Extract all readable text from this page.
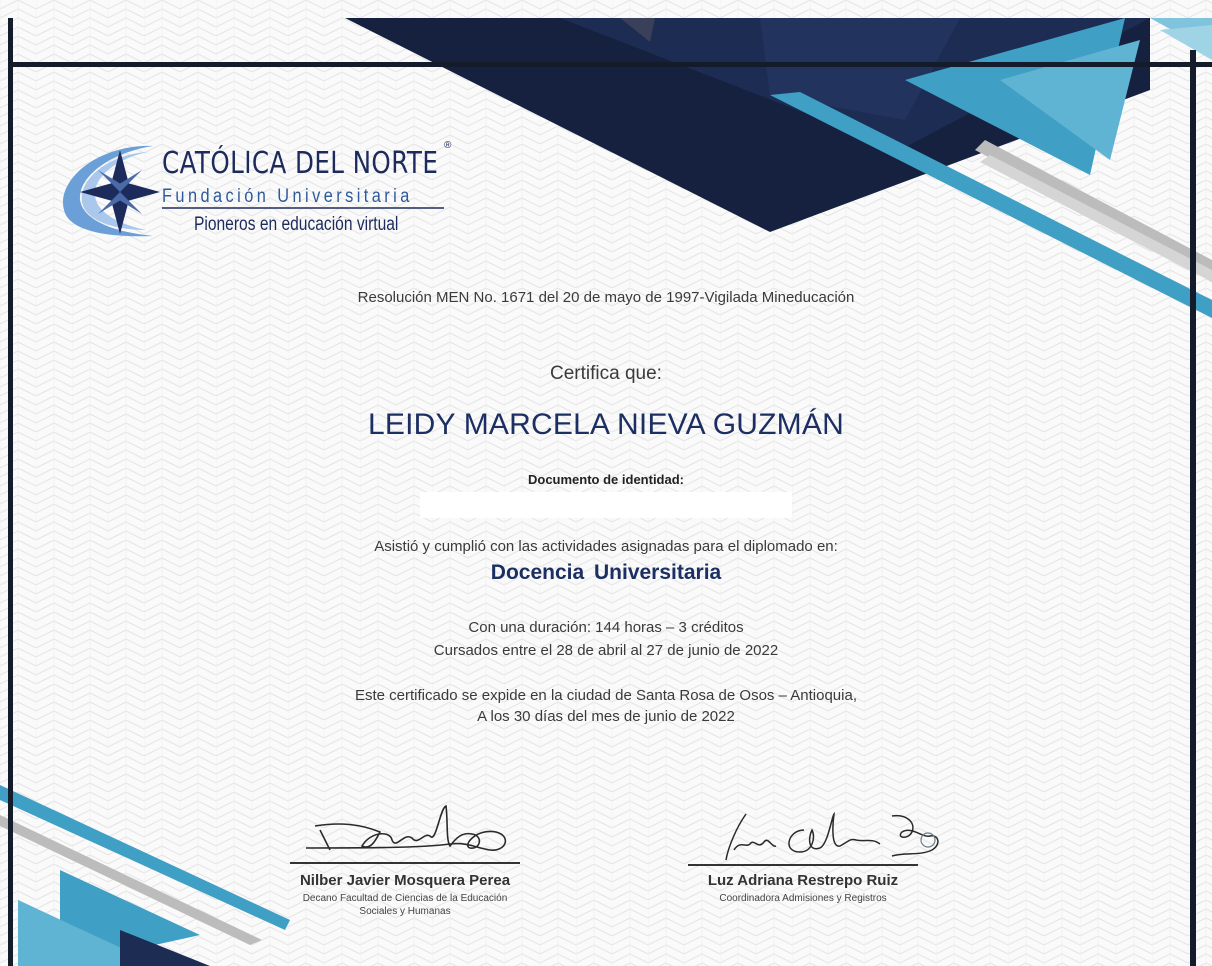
CATÓLICA DEL NORTE
®
Fundación Universitaria
Pioneros en educación virtual
Resolución MEN No. 1671 del 20 de mayo de 1997-Vigilada Mineducación
Certifica que:
LEIDY MARCELA NIEVA GUZMÁN
Documento de identidad:
Asistió y cumplió con las actividades asignadas para el diplomado en:
Docencia Universitaria
Con una duración: 144 horas – 3 créditos
Cursados entre el 28 de abril al 27 de junio de 2022
Este certificado se expide en la ciudad de Santa Rosa de Osos – Antioquia,
A los 30 días del mes de junio de 2022
Nilber Javier Mosquera Perea
Decano Facultad de Ciencias de la Educación
Sociales y Humanas
Luz Adriana Restrepo Ruiz
Coordinadora Admisiones y Registros
